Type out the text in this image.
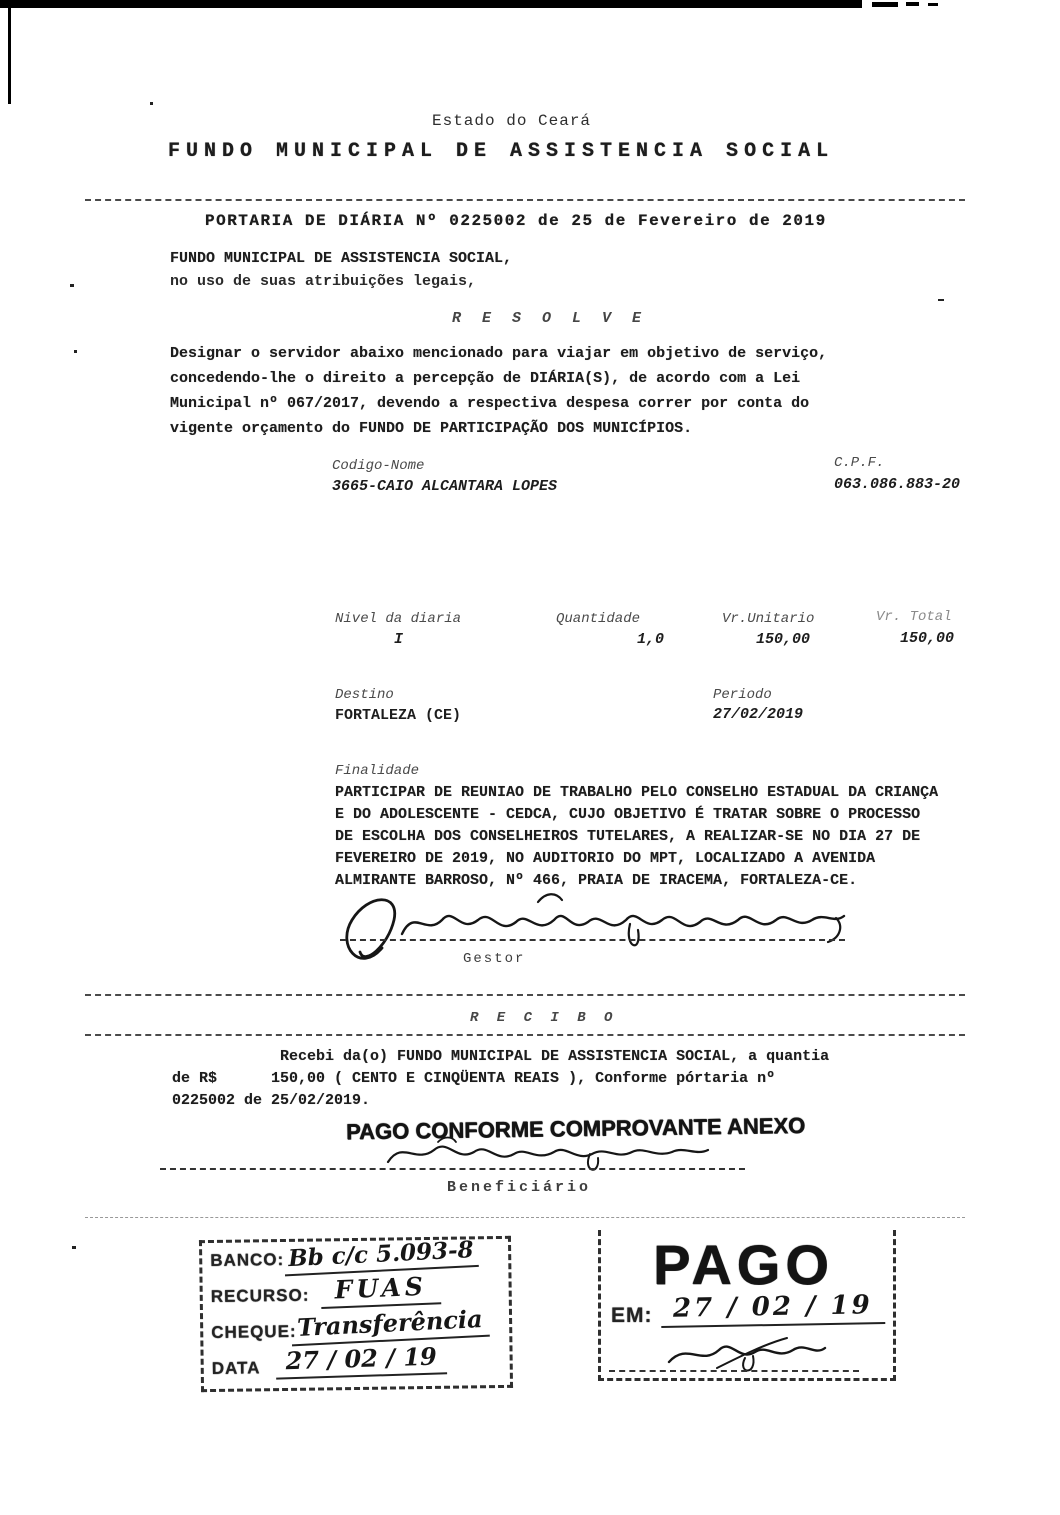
Estado do Ceará
FUNDO MUNICIPAL DE ASSISTENCIA SOCIAL
PORTARIA DE DIÁRIA Nº 0225002 de 25 de Fevereiro de 2019
FUNDO MUNICIPAL DE ASSISTENCIA SOCIAL,
no uso de suas atribuições legais,
R E S O L V E
Designar o servidor abaixo mencionado para viajar em objetivo de serviço,
concedendo-lhe o direito a percepção de DIÁRIA(S), de acordo com a Lei
Municipal nº 067/2017, devendo a respectiva despesa correr por conta do
vigente orçamento do FUNDO DE PARTICIPAÇÃO DOS MUNICÍPIOS.
Codigo-Nome	C.P.F.
3665-CAIO ALCANTARA LOPES	063.086.883-20
Nivel da diaria	Quantidade	Vr.Unitario	Vr. Total
I	1,0	150,00	150,00
Destino	Periodo
FORTALEZA (CE)	27/02/2019
Finalidade
PARTICIPAR DE REUNIAO DE TRABALHO PELO CONSELHO ESTADUAL DA CRIANÇA
E DO ADOLESCENTE - CEDCA, CUJO OBJETIVO É TRATAR SOBRE O PROCESSO
DE ESCOLHA DOS CONSELHEIROS TUTELARES, A REALIZAR-SE NO DIA 27 DE
FEVEREIRO DE 2019, NO AUDITORIO DO MPT, LOCALIZADO A AVENIDA
ALMIRANTE BARROSO, Nº 466, PRAIA DE IRACEMA, FORTALEZA-CE.
Gestor
R E C I B O
Recebi da(o) FUNDO MUNICIPAL DE ASSISTENCIA SOCIAL, a quantia
de R$      150,00 ( CENTO E CINQÜENTA REAIS ), Conforme pórtaria nº
0225002 de 25/02/2019.
PAGO CONFORME COMPROVANTE ANEXO
Beneficiário
BANCO: Bb c/c 5.093-8
RECURSO: FUAS
CHEQUE: Transferência
DATA	27 / 02 / 19
PAGO
EM: 27 / 02 / 19
